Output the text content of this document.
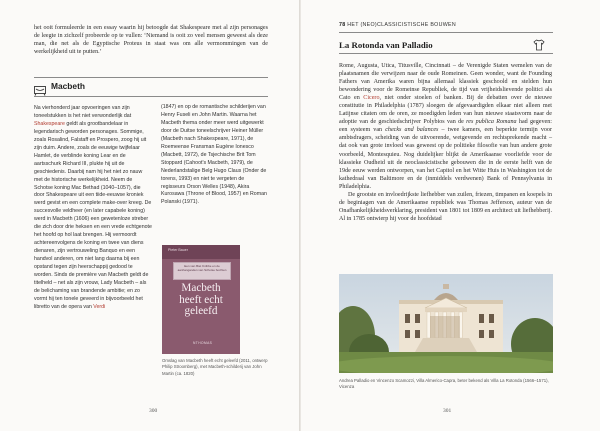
het ooit formuleerde in een essay waarin hij betoogde dat Shakespeare met al zijn personages de leegte in zichzelf probeerde op te vullen: ‘Niemand is ooit zo veel mensen geweest als deze man, die net als de Egyptische Proteus in staat was om alle vermommingen van de werkelijkheid uit te putten.’
Macbeth
Na vierhonderd jaar opvoeringen van zijn toneelstukken is het niet verwonderlijk dat Shakespeare geldt als grootbandelaar in legendarisch geworden personages. Sommige, zoals Rosalind, Falstaff en Prospero, zoog hij uit zijn duim. Andere, zoals de eeuwige twijfelaar Hamlet, de verblinde koning Lear en de aartsschurk Richard III, plukte hij uit de geschiedenis. Daarbij nam hij het niet zo nauw met de historische werkelijkheid. Neem de Schotse koning Mac Bethad (1040–1057), die door Shakespeare uit een tiide-eeuwse kroniek werd gevist en een complete make-over kreeg. De succesvolle veldheer (en later capabele koning) werd in Macbeth (1606) een gewetenloze streber die zich door drie heksen en een vrede echtgenote het hoofd op hol laat brengen. Hij vermoordt achtereenvolgens de koning en twee van diens dienaren, zijn vertrouweling Banquo en een handvol anderen, om niet lang daarna bij een opstand tegen zijn heerschappij gedood te worden. Sinds de première van Macbeth geldt de titelheld – net als zijn vrouw, Lady Macbeth – als de belichaming van brandende ambitie; en zo vormt hij ten tonele geveerd in bijvoorbeeld het libretto van de opera van Verdi
(1847) en op de romantische schilderijen van Henry Fuseli en John Martin. Waarna het Macbeth thema onder meer werd uitgewerkt door de Duitse toneelschrijver Heiner Müller (Macbeth nach Shakespeare, 1971), de Roemeense Fransman Eugène Ionesco (Macbett, 1972), de Tsjechische Brit Tom Stoppard (Cahoot's Macbeth, 1979), de Nederlandstalige Belg Hugo Claus (Onder de torens, 1993) en niet te vergeten de regisseurs Orson Welles (1948), Akira Kurosawa (Throne of Blood, 1957) en Roman Polanski (1971).
Pieter Bauer
Een van Biet Knibbe en de aanhanganden van Schotse bochten
Macbeth heeft echt geleefd
NTHOMAS
Omslag van Macbeth heeft echt geleefd (2011, ontwerp Philip Stroomberg), met Macbeth-schilderij van John Martin (ca. 1820)
300
78 HET (NEO)CLASSICISTISCHE BOUWEN
La Rotonda van Palladio

Rome, Augusta, Utica, Titusville, Cincinnati – de Verenigde Staten wemelen van de plaatsnamen die verwijzen naar de oude Romeinen. Geen wonder, want de Founding Fathers van Amerika waren bijna allemaal klassiek geschoold en stelden hun bewondering voor de Romeinse Republiek, de tijd van vrijheidslievende politici als Cato en Cicero, niet onder stoelen of banken. Bij de debatten over de nieuwe constitutie in Philadelphia (1787) sloegen de afgevaardigden elkaar niet alleen met Latijnse citaten om de oren, ze moedigden leden van hun nieuwe staatsvorm naar de adoptie van de geschiedschrijver Polybios van de res publica Romana had gegeven: een systeem van checks and balances – twee kamers, een beperkte termijn voor ambtsdragers, scheiding van de uitvoerende, wetgevende en rechtsprekende macht – dat ook van grote invloed was geweest op de politieke filosofie van hun andere grote voorbeeld, Montesquieu. Nog duidelijker blijkt de Amerikaanse voorliefde voor de klassieke Oudheid uit de neoclassicistische gebouwen die in de eerste helft van de 19de eeuw werden ontworpen, van het Capitol en het Witte Huis in Washington tot de kathedraal van Baltimore en de (inmiddels verdwenen) Bank of Pennsylvania in Philadelphia.

De grootste en invloedrijkste liefhebber van zuilen, friezen, timpanen en koepels in de beginiagen van de Amerikaanse republiek was Thomas Jefferson, auteur van de Onafhankelijkheidsverklaring, president van 1801 tot 1809 en architect uit liefhebberij. Al in 1785 ontwierp hij voor de hoofdstad

Andrea Palladio en Vincenzo Scamozzi, Villa Almerico-Capra, beter bekend als Villa La Rotonda (1566–1571), Vicenza
301
